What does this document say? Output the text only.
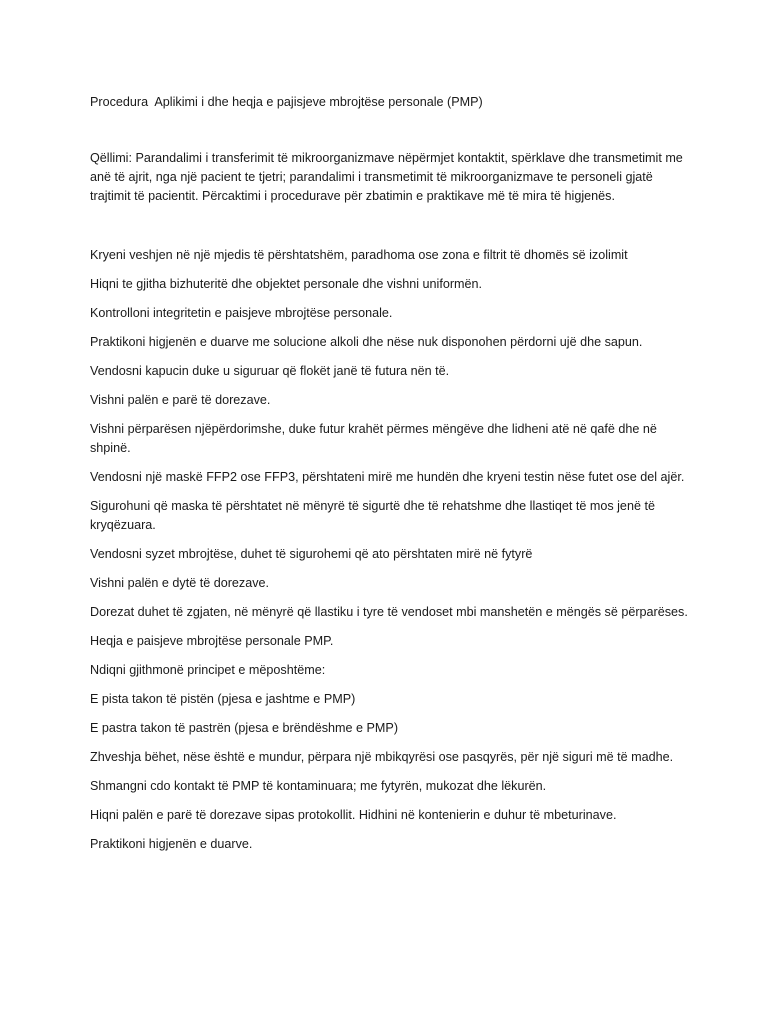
Procedura  Aplikimi i dhe heqja e pajisjeve mbrojtëse personale (PMP)

Qëllimi: Parandalimi i transferimit të mikroorganizmave nëpërmjet kontaktit, spërklave dhe transmetimit me anë të ajrit, nga një pacient te tjetri; parandalimi i transmetimit të mikroorganizmave te personeli gjatë trajtimit të pacientit. Përcaktimi i procedurave për zbatimin e praktikave më të mira të higjenës.

Kryeni veshjen në një mjedis të përshtatshëm, paradhoma ose zona e filtrit të dhomës së izolimit

Hiqni te gjitha bizhuteritë dhe objektet personale dhe vishni uniformën.

Kontrolloni integritetin e paisjeve mbrojtëse personale.

Praktikoni higjenën e duarve me solucione alkoli dhe nëse nuk disponohen përdorni ujë dhe sapun.

Vendosni kapucin duke u siguruar që flokët janë të futura nën të.

Vishni palën e parë të dorezave.

Vishni përparësen njëpërdorimshe, duke futur krahët përmes mëngëve dhe lidheni atë në qafë dhe në shpinë.

Vendosni një maskë FFP2 ose FFP3, përshtateni mirë me hundën dhe kryeni testin nëse futet ose del ajër.

Sigurohuni që maska të përshtatet në mënyrë të sigurtë dhe të rehatshme dhe llastiqet të mos jenë të kryqëzuara.

Vendosni syzet mbrojtëse, duhet të sigurohemi që ato përshtaten mirë në fytyrë

Vishni palën e dytë të dorezave.

Dorezat duhet të zgjaten, në mënyrë që llastiku i tyre të vendoset mbi manshetën e mëngës së përparëses.

Heqja e paisjeve mbrojtëse personale PMP.

Ndiqni gjithmonë principet e mëposhtëme:

E pista takon të pistën (pjesa e jashtme e PMP)

E pastra takon të pastrën (pjesa e brëndëshme e PMP)

Zhveshja bëhet, nëse është e mundur, përpara një mbikqyrësi ose pasqyrës, për një siguri më të madhe.

Shmangni cdo kontakt të PMP të kontaminuara; me fytyrën, mukozat dhe lëkurën.

Hiqni palën e parë të dorezave sipas protokollit. Hidhini në kontenierin e duhur të mbeturinave.

Praktikoni higjenën e duarve.
